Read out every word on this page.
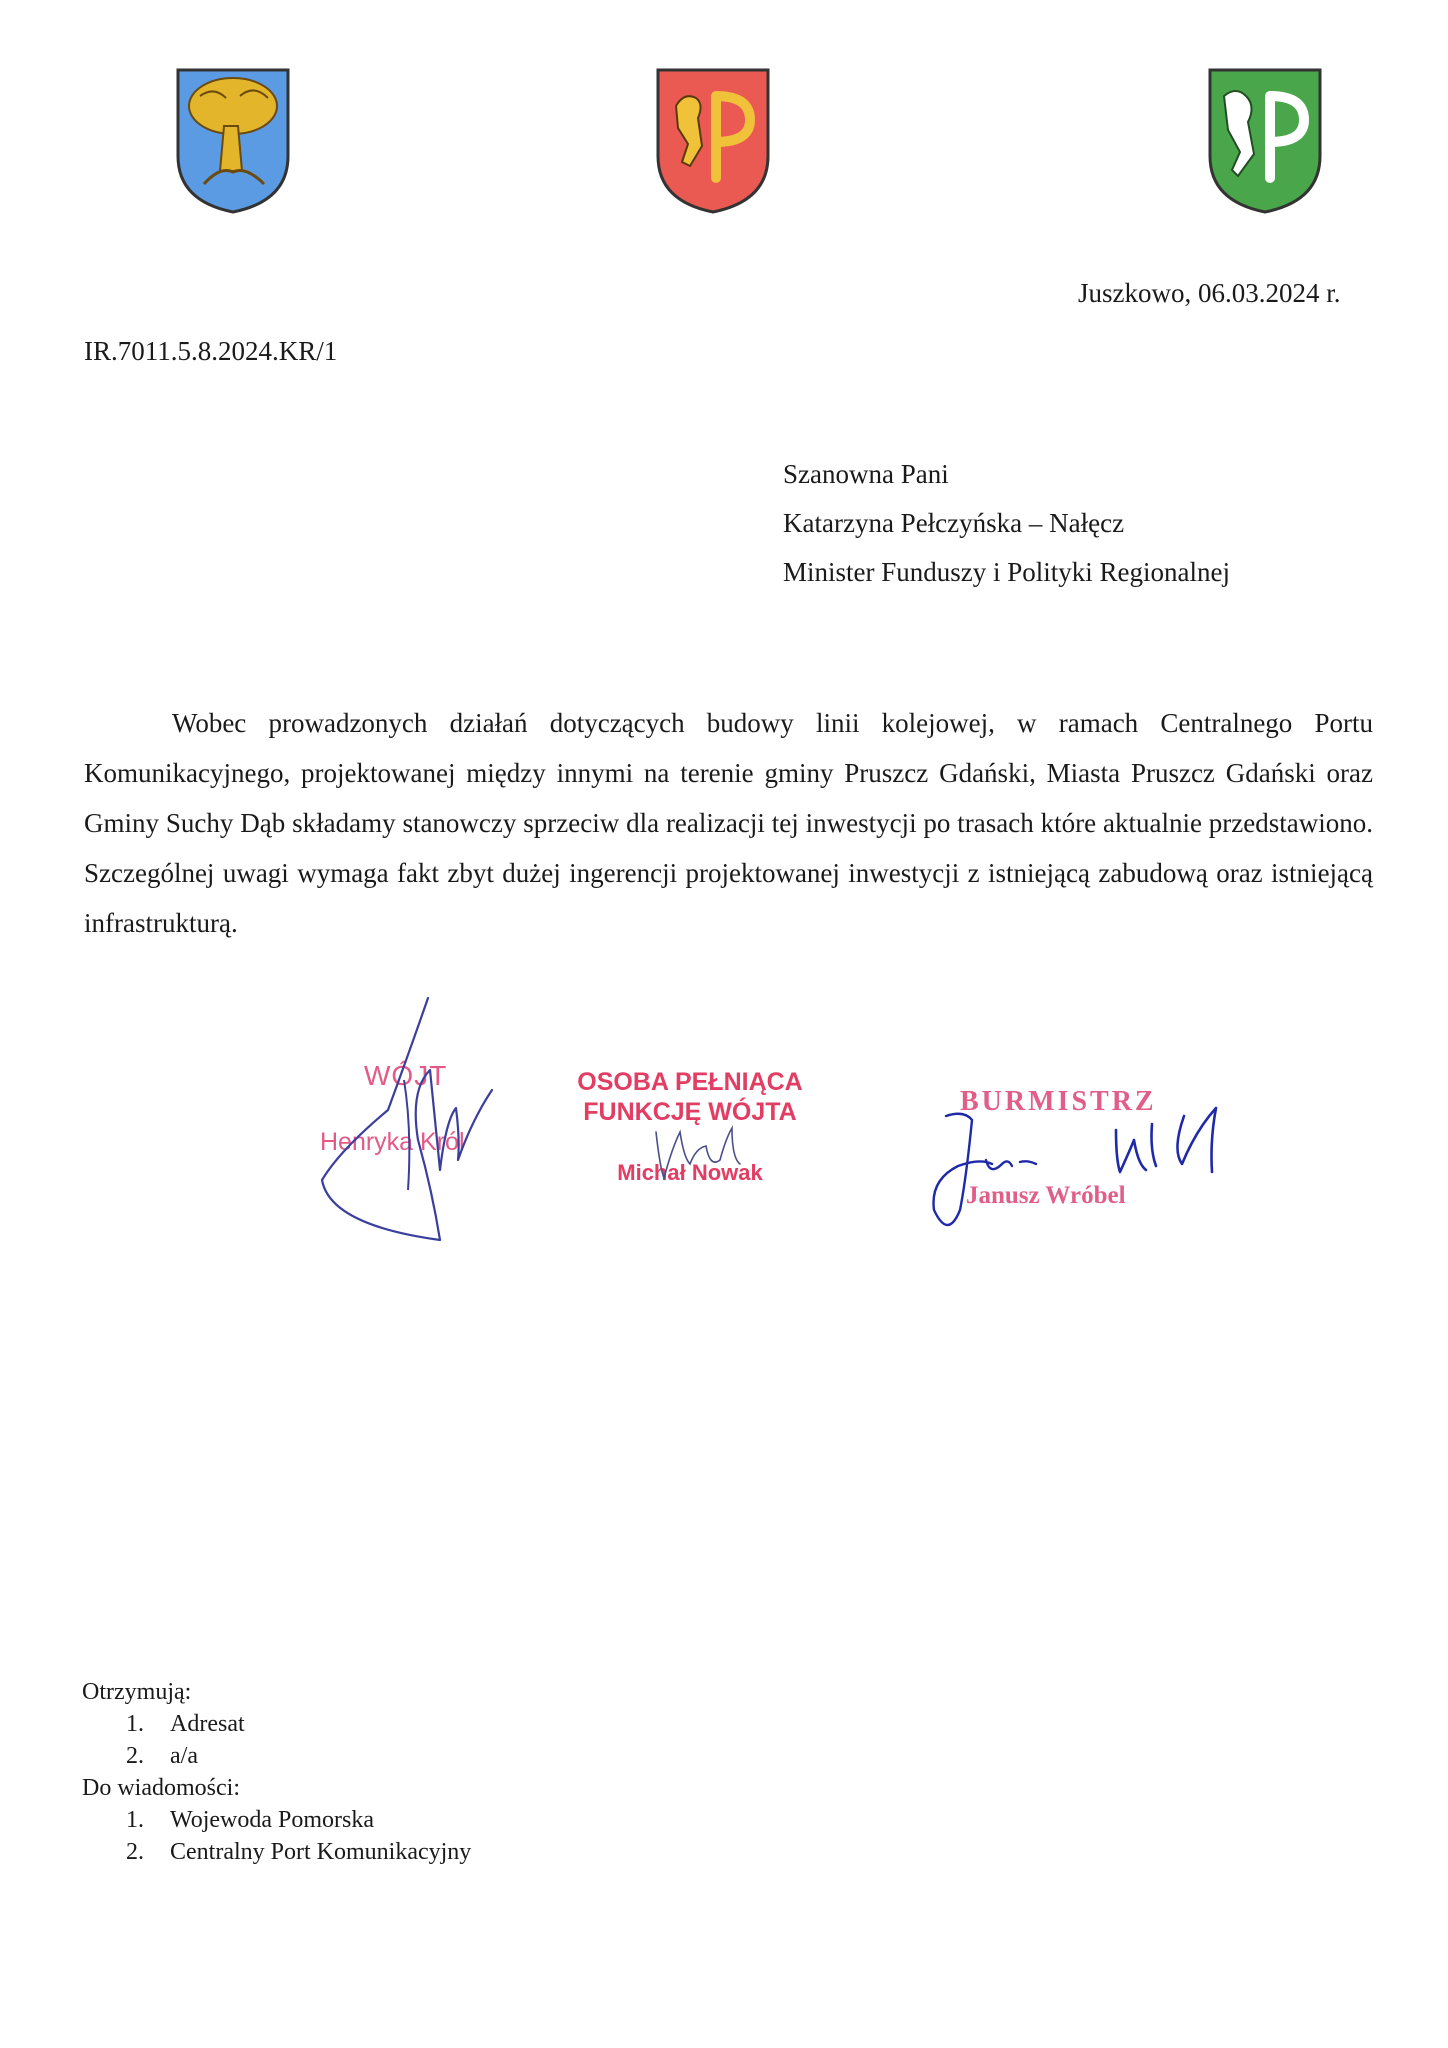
Juszkowo, 06.03.2024 r.
IR.7011.5.8.2024.KR/1
Szanowna Pani
Katarzyna Pełczyńska – Nałęcz
Minister Funduszy i Polityki Regionalnej
Wobec prowadzonych działań dotyczących budowy linii kolejowej, w ramach Centralnego Portu Komunikacyjnego, projektowanej między innymi na terenie gminy Pruszcz Gdański, Miasta Pruszcz Gdański oraz Gminy Suchy Dąb składamy stanowczy sprzeciw dla realizacji tej inwestycji po trasach które aktualnie przedstawiono. Szczególnej uwagi wymaga fakt zbyt dużej ingerencji projektowanej inwestycji z istniejącą zabudową oraz istniejącą infrastrukturą.
WÓJT
Henryka Król
OSOBA PEŁNIĄCA
FUNKCJĘ WÓJTA
Michał Nowak
BURMISTRZ
Janusz Wróbel
Otrzymują:
1. Adresat
2. a/a
Do wiadomości:
1. Wojewoda Pomorska
2. Centralny Port Komunikacyjny
